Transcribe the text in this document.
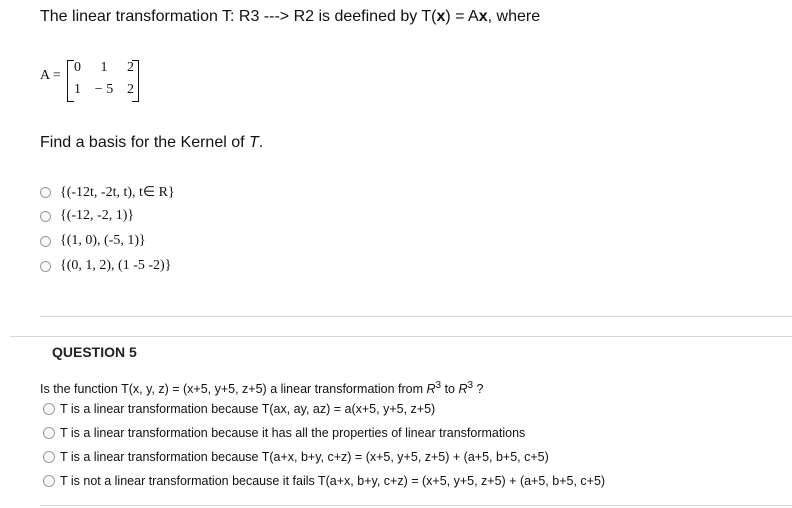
The linear transformation T: R3 ---> R2 is deefined by T(x) = Ax, where
A =
0 1 2
1 − 5 2
Find a basis for the Kernel of T.
{(-12t, -2t, t), t∈ R}
{(-12, -2, 1)}
{(1, 0), (-5, 1)}
{(0, 1, 2), (1 -5 -2)}
QUESTION 5
Is the function T(x, y, z) = (x+5, y+5, z+5) a linear transformation from $R^3$ to $R^3$ ?
T is a linear transformation because T(ax, ay, az) = a(x+5, y+5, z+5)
T is a linear transformation because it has all the properties of linear transformations
T is a linear transformation because T(a+x, b+y, c+z) = (x+5, y+5, z+5) + (a+5, b+5, c+5)
T is not a linear transformation because it fails T(a+x, b+y, c+z) = (x+5, y+5, z+5) + (a+5, b+5, c+5)
